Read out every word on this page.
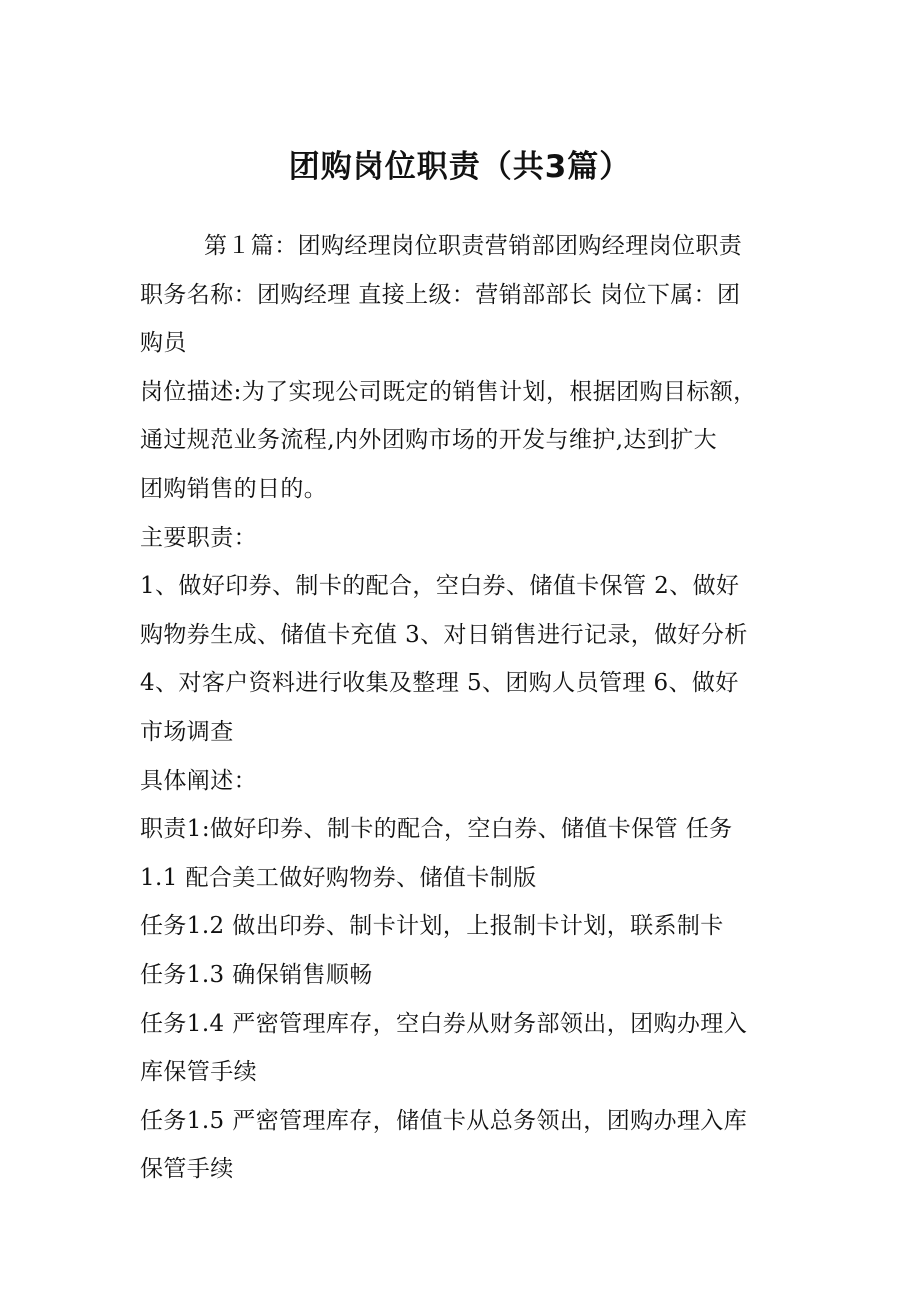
团购岗位职责（共3篇）
第１篇：团购经理岗位职责营销部团购经理岗位职责
职务名称：团购经理 直接上级：营销部部长 岗位下属：团
购员
岗位描述:为了实现公司既定的销售计划，根据团购目标额，
通过规范业务流程,内外团购市场的开发与维护,达到扩大
团购销售的日的。
主要职责：
1、做好印券、制卡的配合，空白券、储值卡保管 2、做好
购物券生成、储值卡充值 3、对日销售进行记录，做好分析
4、对客户资料进行收集及整理 5、团购人员管理 6、做好
市场调查
具体阐述：
职责1:做好印券、制卡的配合，空白券、储值卡保管 任务
1.1 配合美工做好购物券、储值卡制版
任务1.2 做出印券、制卡计划，上报制卡计划，联系制卡
任务1.3 确保销售顺畅
任务1.4 严密管理库存，空白券从财务部领出，团购办理入
库保管手续
任务1.5 严密管理库存，储值卡从总务领出，团购办理入库
保管手续
